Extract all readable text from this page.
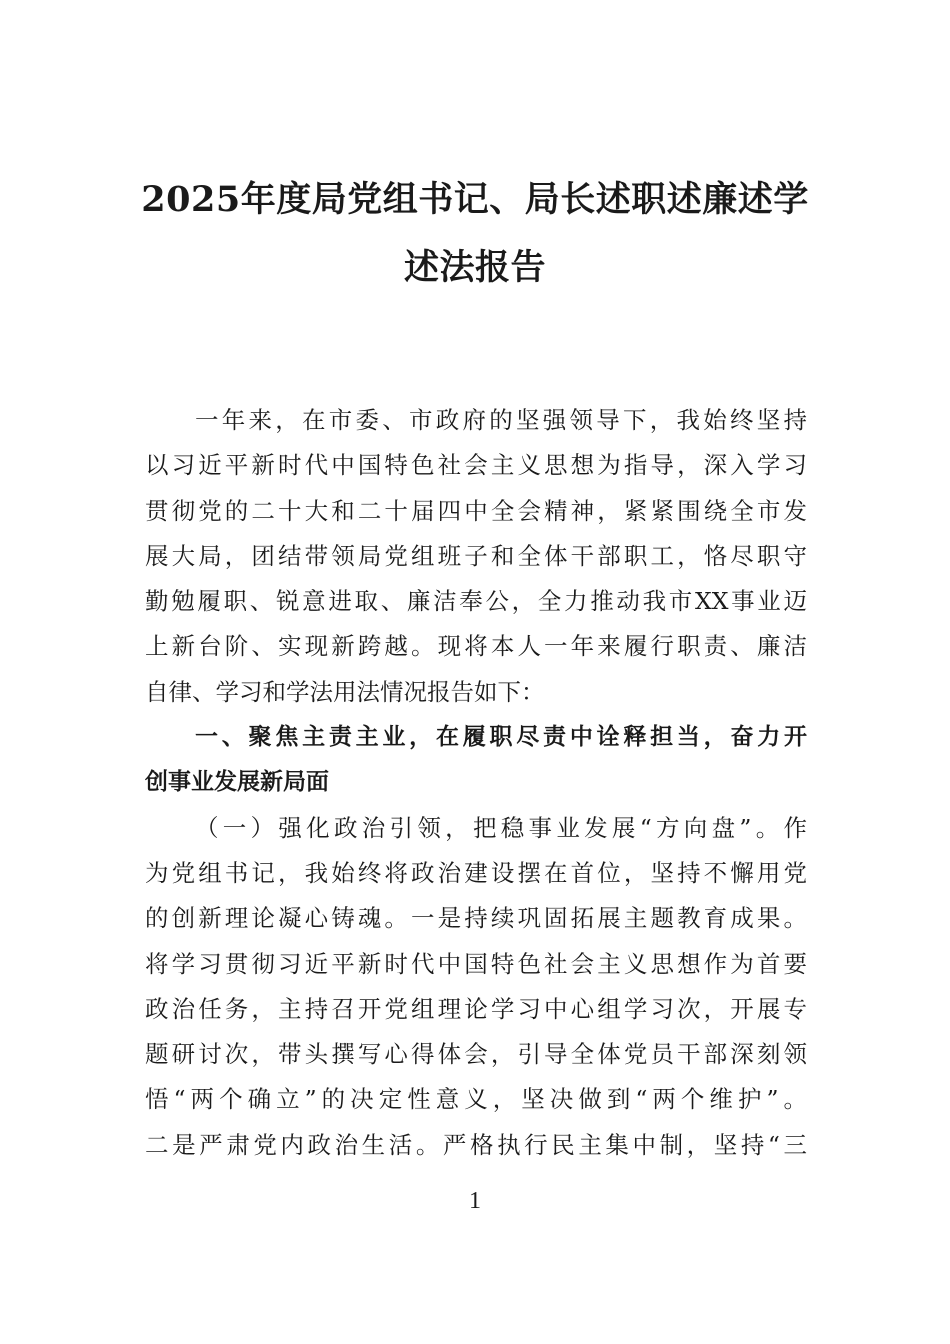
2025年度局党组书记、局长述职述廉述学
述法报告
一年来，在市委、市政府的坚强领导下，我始终坚持
以习近平新时代中国特色社会主义思想为指导，深入学习
贯彻党的二十大和二十届四中全会精神，紧紧围绕全市发
展大局，团结带领局党组班子和全体干部职工，恪尽职守
勤勉履职、锐意进取、廉洁奉公，全力推动我市XX事业迈
上新台阶、实现新跨越。现将本人一年来履行职责、廉洁
自律、学习和学法用法情况报告如下：
一、聚焦主责主业，在履职尽责中诠释担当，奋力开
创事业发展新局面
（一）强化政治引领，把稳事业发展“方向盘”。作
为党组书记，我始终将政治建设摆在首位，坚持不懈用党
的创新理论凝心铸魂。一是持续巩固拓展主题教育成果。
将学习贯彻习近平新时代中国特色社会主义思想作为首要
政治任务，主持召开党组理论学习中心组学习次，开展专
题研讨次，带头撰写心得体会，引导全体党员干部深刻领
悟“两个确立”的决定性意义，坚决做到“两个维护”。
二是严肃党内政治生活。严格执行民主集中制，坚持“三
1
